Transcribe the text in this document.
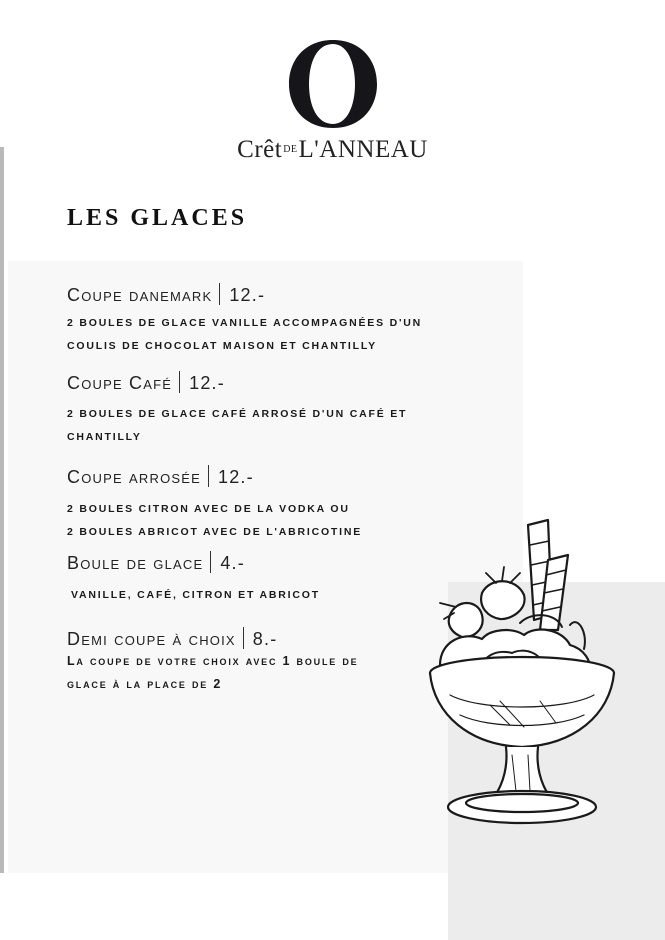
Crêt$^{DE}$L'ANNEAU
LES GLACES
Coupe danemark 12.-
2 BOULES DE GLACE VANILLE ACCOMPAGNÉES D'UN
COULIS DE CHOCOLAT MAISON ET CHANTILLY
Coupe Café 12.-
2 BOULES DE GLACE CAFÉ ARROSÉ D'UN CAFÉ ET
CHANTILLY
Coupe arrosée 12.-
2 BOULES CITRON AVEC DE LA VODKA OU
2 BOULES ABRICOT AVEC DE L'ABRICOTINE
Boule de glace 4.-
VANILLE, CAFÉ, CITRON ET ABRICOT
Demi coupe à choix 8.-
La coupe de votre choix avec 1 boule de
glace à la place de 2
